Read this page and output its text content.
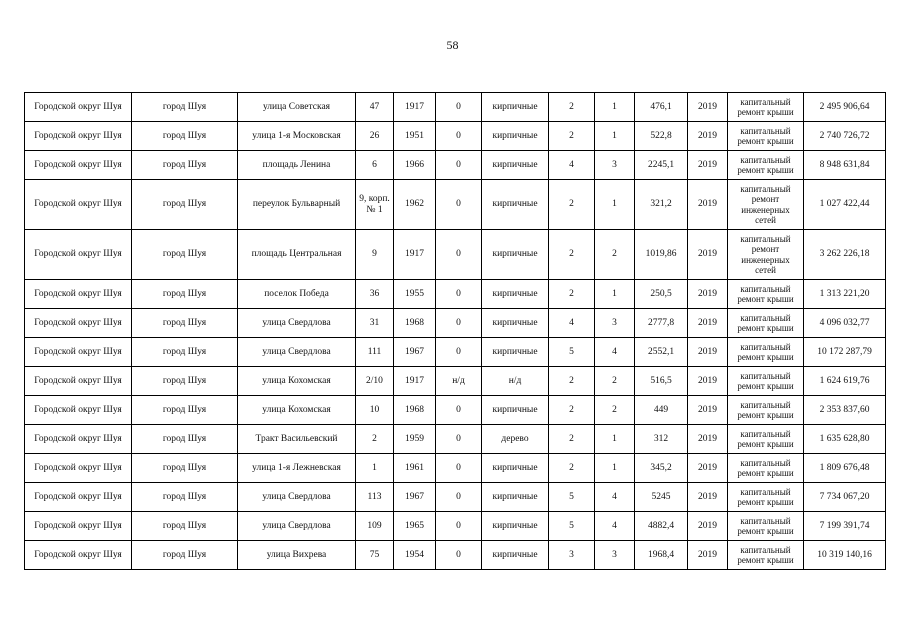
58
Городской округ Шуя	город Шуя	улица Советская	47	1917	0	кирпичные	2	1	476,1	2019	капитальный ремонт крыши	2 495 906,64
Городской округ Шуя	город Шуя	улица 1-я Московская	26	1951	0	кирпичные	2	1	522,8	2019	капитальный ремонт крыши	2 740 726,72
Городской округ Шуя	город Шуя	площадь Ленина	6	1966	0	кирпичные	4	3	2245,1	2019	капитальный ремонт крыши	8 948 631,84
Городской округ Шуя	город Шуя	переулок Бульварный	9, корп. № 1	1962	0	кирпичные	2	1	321,2	2019	капитальный ремонт инженерных сетей	1 027 422,44
Городской округ Шуя	город Шуя	площадь Центральная	9	1917	0	кирпичные	2	2	1019,86	2019	капитальный ремонт инженерных сетей	3 262 226,18
Городской округ Шуя	город Шуя	поселок Победа	36	1955	0	кирпичные	2	1	250,5	2019	капитальный ремонт крыши	1 313 221,20
Городской округ Шуя	город Шуя	улица Свердлова	31	1968	0	кирпичные	4	3	2777,8	2019	капитальный ремонт крыши	4 096 032,77
Городской округ Шуя	город Шуя	улица Свердлова	111	1967	0	кирпичные	5	4	2552,1	2019	капитальный ремонт крыши	10 172 287,79
Городской округ Шуя	город Шуя	улица Кохомская	2/10	1917	н/д	н/д	2	2	516,5	2019	капитальный ремонт крыши	1 624 619,76
Городской округ Шуя	город Шуя	улица Кохомская	10	1968	0	кирпичные	2	2	449	2019	капитальный ремонт крыши	2 353 837,60
Городской округ Шуя	город Шуя	Тракт Васильевский	2	1959	0	дерево	2	1	312	2019	капитальный ремонт крыши	1 635 628,80
Городской округ Шуя	город Шуя	улица 1-я Лежневская	1	1961	0	кирпичные	2	1	345,2	2019	капитальный ремонт крыши	1 809 676,48
Городской округ Шуя	город Шуя	улица Свердлова	113	1967	0	кирпичные	5	4	5245	2019	капитальный ремонт крыши	7 734 067,20
Городской округ Шуя	город Шуя	улица Свердлова	109	1965	0	кирпичные	5	4	4882,4	2019	капитальный ремонт крыши	7 199 391,74
Городской округ Шуя	город Шуя	улица Вихрева	75	1954	0	кирпичные	3	3	1968,4	2019	капитальный ремонт крыши	10 319 140,16
